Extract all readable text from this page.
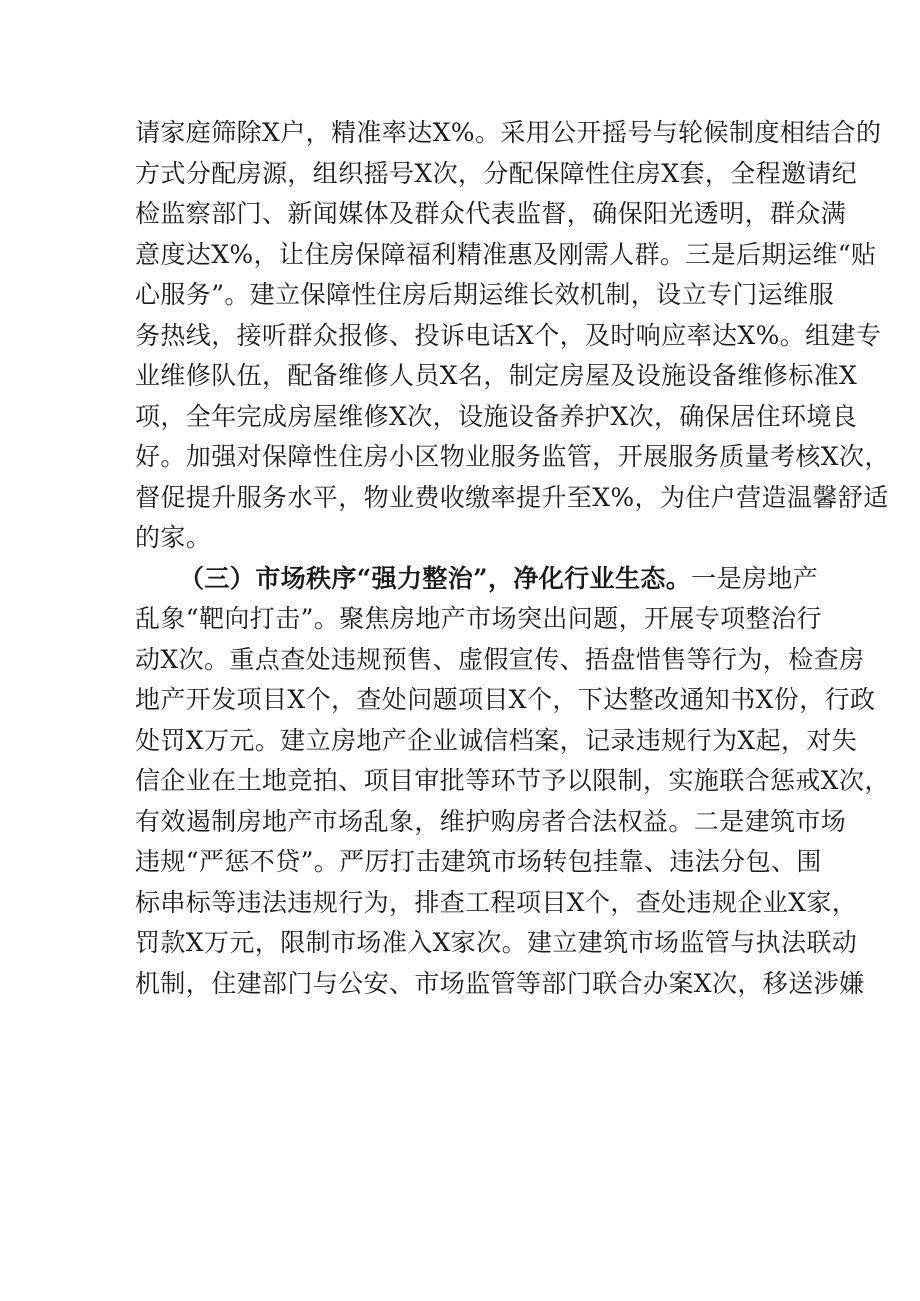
请家庭筛除X户，精准率达X%。采用公开摇号与轮候制度相结合的
方式分配房源，组织摇号X次，分配保障性住房X套，全程邀请纪
检监察部门、新闻媒体及群众代表监督，确保阳光透明，群众满
意度达X%，让住房保障福利精准惠及刚需人群。三是后期运维“贴
心服务”。建立保障性住房后期运维长效机制，设立专门运维服
务热线，接听群众报修、投诉电话X个，及时响应率达X%。组建专
业维修队伍，配备维修人员X名，制定房屋及设施设备维修标准X
项，全年完成房屋维修X次，设施设备养护X次，确保居住环境良
好。加强对保障性住房小区物业服务监管，开展服务质量考核X次，
督促提升服务水平，物业费收缴率提升至X%，为住户营造温馨舒适
的家。
（三）市场秩序“强力整治”，净化行业生态。一是房地产
乱象“靶向打击”。聚焦房地产市场突出问题，开展专项整治行
动X次。重点查处违规预售、虚假宣传、捂盘惜售等行为，检查房
地产开发项目X个，查处问题项目X个，下达整改通知书X份，行政
处罚X万元。建立房地产企业诚信档案，记录违规行为X起，对失
信企业在土地竞拍、项目审批等环节予以限制，实施联合惩戒X次，
有效遏制房地产市场乱象，维护购房者合法权益。二是建筑市场
违规“严惩不贷”。严厉打击建筑市场转包挂靠、违法分包、围
标串标等违法违规行为，排查工程项目X个，查处违规企业X家，
罚款X万元，限制市场准入X家次。建立建筑市场监管与执法联动
机制，住建部门与公安、市场监管等部门联合办案X次，移送涉嫌
